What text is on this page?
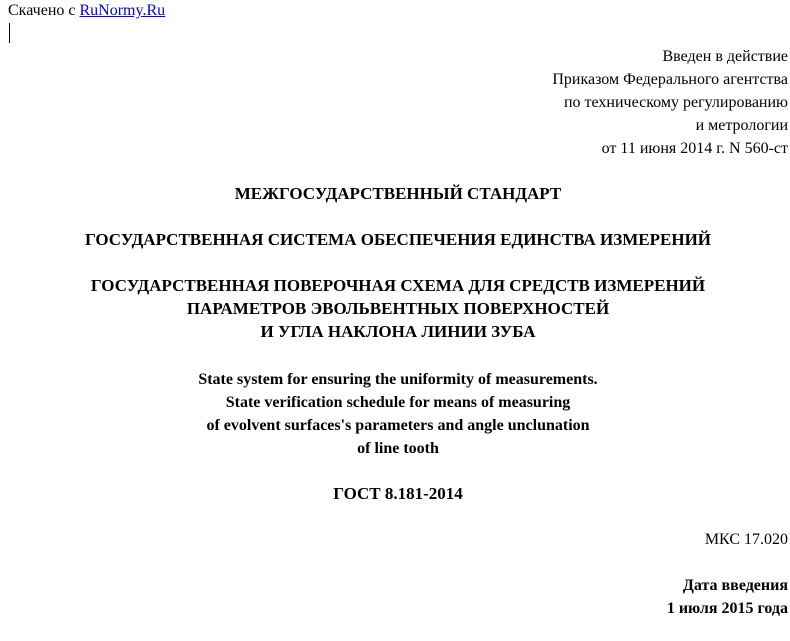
Скачено с RuNormy.Ru
Введен в действие
Приказом Федерального агентства
по техническому регулированию
и метрологии
от 11 июня 2014 г. N 560-ст
МЕЖГОСУДАРСТВЕННЫЙ СТАНДАРТ
ГОСУДАРСТВЕННАЯ СИСТЕМА ОБЕСПЕЧЕНИЯ ЕДИНСТВА ИЗМЕРЕНИЙ
ГОСУДАРСТВЕННАЯ ПОВЕРОЧНАЯ СХЕМА ДЛЯ СРЕДСТВ ИЗМЕРЕНИЙ
ПАРАМЕТРОВ ЭВОЛЬВЕНТНЫХ ПОВЕРХНОСТЕЙ
И УГЛА НАКЛОНА ЛИНИИ ЗУБА
State system for ensuring the uniformity of measurements.
State verification schedule for means of measuring
of evolvent surfaces's parameters and angle unclunation
of line tooth
ГОСТ 8.181-2014
МКС 17.020
Дата введения
1 июля 2015 года
